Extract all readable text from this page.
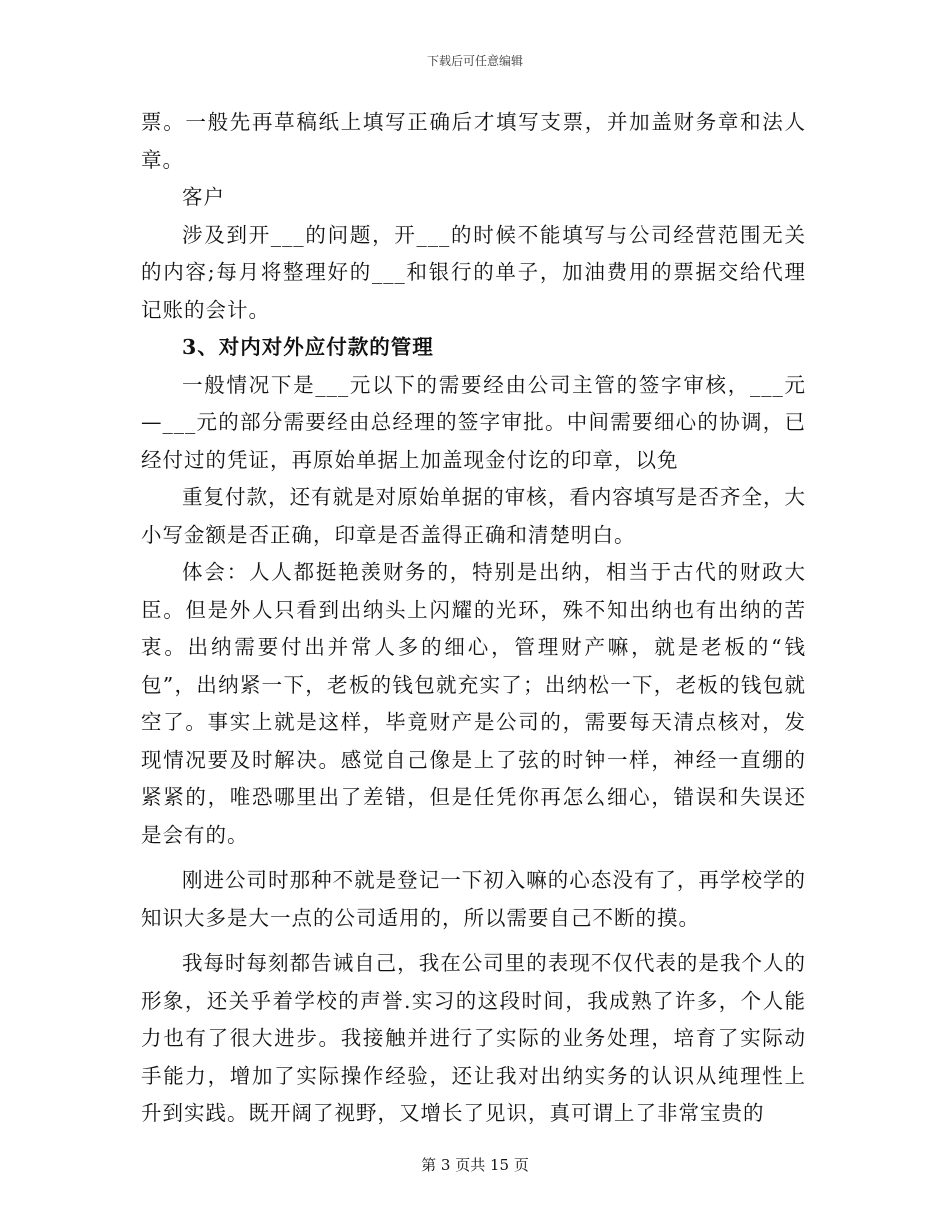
下载后可任意编辑

票。一般先再草稿纸上填写正确后才填写支票，并加盖财务章和法人章。

客户

涉及到开___的问题，开___的时候不能填写与公司经营范围无关的内容;每月将整理好的___和银行的单子，加油费用的票据交给代理记账的会计。

3、对内对外应付款的管理

一般情况下是___元以下的需要经由公司主管的签字审核，___元—___元的部分需要经由总经理的签字审批。中间需要细心的协调，已经付过的凭证，再原始单据上加盖现金付讫的印章，以免

重复付款，还有就是对原始单据的审核，看内容填写是否齐全，大小写金额是否正确，印章是否盖得正确和清楚明白。

体会：人人都挺艳羡财务的，特别是出纳，相当于古代的财政大臣。但是外人只看到出纳头上闪耀的光环，殊不知出纳也有出纳的苦衷。出纳需要付出并常人多的细心，管理财产嘛，就是老板的“钱包”，出纳紧一下，老板的钱包就充实了；出纳松一下，老板的钱包就空了。事实上就是这样，毕竟财产是公司的，需要每天清点核对，发现情况要及时解决。感觉自己像是上了弦的时钟一样，神经一直绷的紧紧的，唯恐哪里出了差错，但是任凭你再怎么细心，错误和失误还是会有的。

刚进公司时那种不就是登记一下初入嘛的心态没有了，再学校学的知识大多是大一点的公司适用的，所以需要自己不断的摸。

我每时每刻都告诫自己，我在公司里的表现不仅代表的是我个人的形象，还关乎着学校的声誉.实习的这段时间，我成熟了许多，个人能力也有了很大进步。我接触并进行了实际的业务处理，培育了实际动手能力，增加了实际操作经验，还让我对出纳实务的认识从纯理性上升到实践。既开阔了视野，又增长了见识，真可谓上了非常宝贵的

第 3 页共 15 页
